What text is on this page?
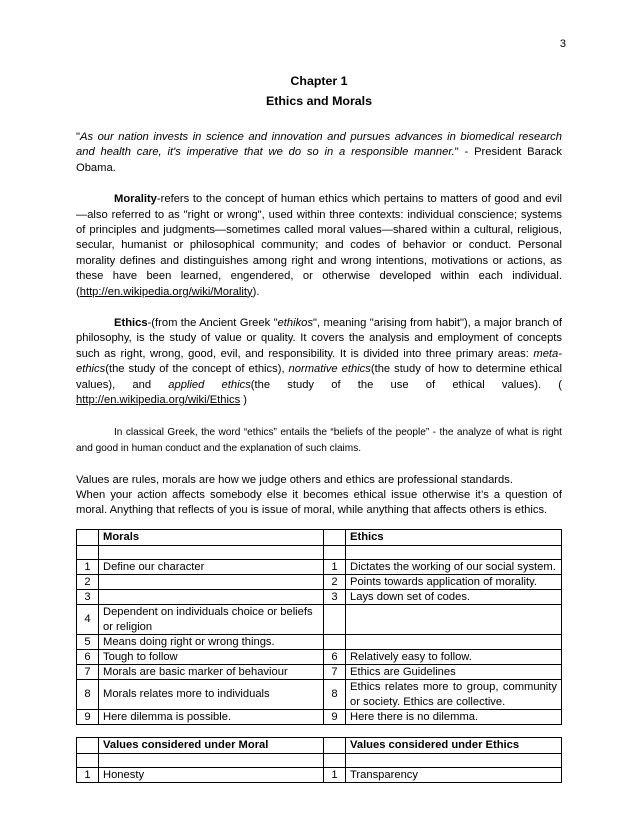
3
Chapter 1
Ethics and Morals

"As our nation invests in science and innovation and pursues advances in biomedical research and health care, it's imperative that we do so in a responsible manner." - President Barack Obama.

Morality-refers to the concept of human ethics which pertains to matters of good and evil—also referred to as "right or wrong", used within three contexts: individual conscience; systems of principles and judgments—sometimes called moral values—shared within a cultural, religious, secular, humanist or philosophical community; and codes of behavior or conduct. Personal morality defines and distinguishes among right and wrong intentions, motivations or actions, as these have been learned, engendered, or otherwise developed within each individual. (http://en.wikipedia.org/wiki/Morality).

Ethics-(from the Ancient Greek "ethikos", meaning "arising from habit"), a major branch of philosophy, is the study of value or quality. It covers the analysis and employment of concepts such as right, wrong, good, evil, and responsibility. It is divided into three primary areas: meta-ethics(the study of the concept of ethics), normative ethics(the study of how to determine ethical values), and applied ethics(the study of the use of ethical values). ( http://en.wikipedia.org/wiki/Ethics )

In classical Greek, the word “ethics” entails the “beliefs of the people” - the analyze of what is right and good in human conduct and the explanation of such claims.

Values are rules, morals are how we judge others and ethics are professional standards.

When your action affects somebody else it becomes ethical issue otherwise it’s a question of moral. Anything that reflects of you is issue of moral, while anything that affects others is ethics.

	Morals		Ethics

1	Define our character	1	Dictates the working of our social system.
2		2	Points towards application of morality.
3		3	Lays down set of codes.
4	Dependent on individuals choice or beliefs or religion		
5	Means doing right or wrong things.		
6	Tough to follow	6	Relatively easy to follow.
7	Morals are basic marker of behaviour	7	Ethics are Guidelines
8	Morals relates more to individuals	8	Ethics relates more to group, community or society. Ethics are collective.
9	Here dilemma is possible.	9	Here there is no dilemma.
	Values considered under Moral		Values considered under Ethics

1	Honesty	1	Transparency
